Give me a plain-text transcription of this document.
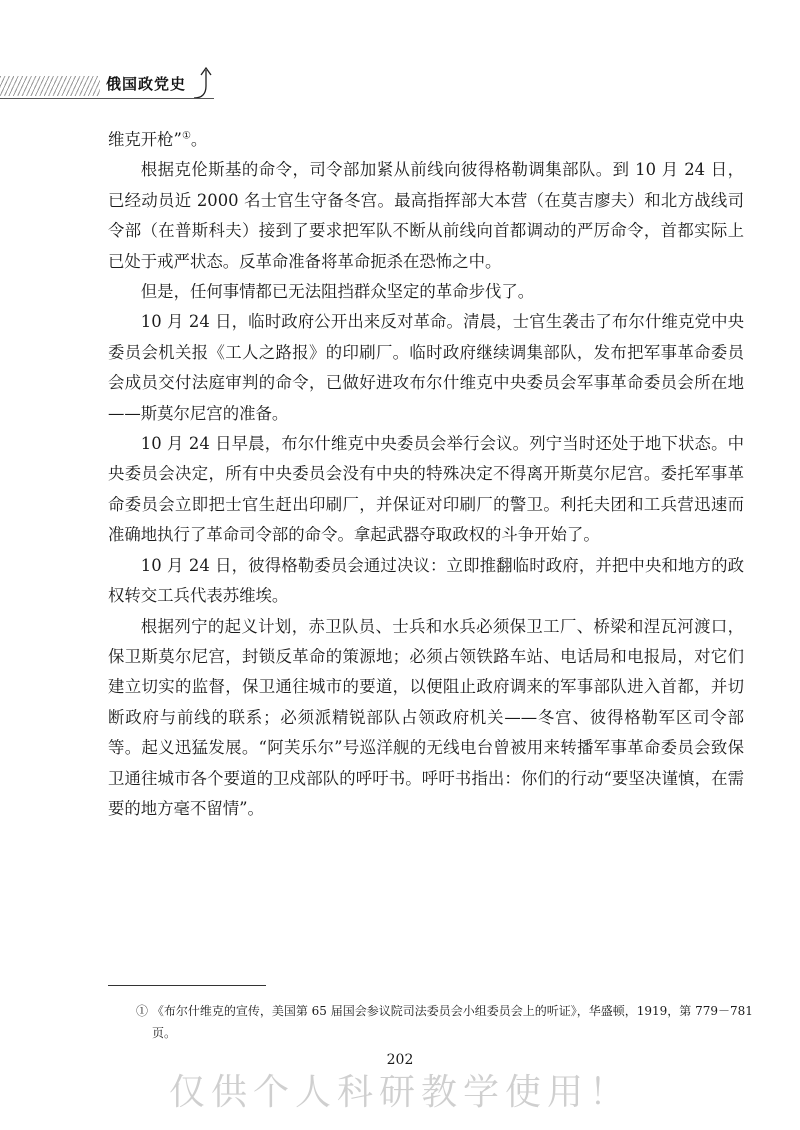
俄国政党史

维克开枪”①。

根据克伦斯基的命令，司令部加紧从前线向彼得格勒调集部队。到 10 月 24 日，已经动员近 2000 名士官生守备冬宫。最高指挥部大本营（在莫吉廖夫）和北方战线司令部（在普斯科夫）接到了要求把军队不断从前线向首都调动的严厉命令，首都实际上已处于戒严状态。反革命准备将革命扼杀在恐怖之中。

但是，任何事情都已无法阻挡群众坚定的革命步伐了。

10 月 24 日，临时政府公开出来反对革命。清晨，士官生袭击了布尔什维克党中央委员会机关报《工人之路报》的印刷厂。临时政府继续调集部队，发布把军事革命委员会成员交付法庭审判的命令，已做好进攻布尔什维克中央委员会军事革命委员会所在地——斯莫尔尼宫的准备。

10 月 24 日早晨，布尔什维克中央委员会举行会议。列宁当时还处于地下状态。中央委员会决定，所有中央委员会没有中央的特殊决定不得离开斯莫尔尼宫。委托军事革命委员会立即把士官生赶出印刷厂，并保证对印刷厂的警卫。利托夫团和工兵营迅速而准确地执行了革命司令部的命令。拿起武器夺取政权的斗争开始了。

10 月 24 日，彼得格勒委员会通过决议：立即推翻临时政府，并把中央和地方的政权转交工兵代表苏维埃。

根据列宁的起义计划，赤卫队员、士兵和水兵必须保卫工厂、桥梁和涅瓦河渡口，保卫斯莫尔尼宫，封锁反革命的策源地；必须占领铁路车站、电话局和电报局，对它们建立切实的监督，保卫通往城市的要道，以便阻止政府调来的军事部队进入首都，并切断政府与前线的联系；必须派精锐部队占领政府机关——冬宫、彼得格勒军区司令部等。起义迅猛发展。“阿芙乐尔”号巡洋舰的无线电台曾被用来转播军事革命委员会致保卫通往城市各个要道的卫戍部队的呼吁书。呼吁书指出：你们的行动“要坚决谨慎，在需要的地方毫不留情”。

① 《布尔什维克的宣传，美国第 65 届国会参议院司法委员会小组委员会上的听证》，华盛顿，1919，第 779－781 页。
202
仅供个人科研教学使用！
